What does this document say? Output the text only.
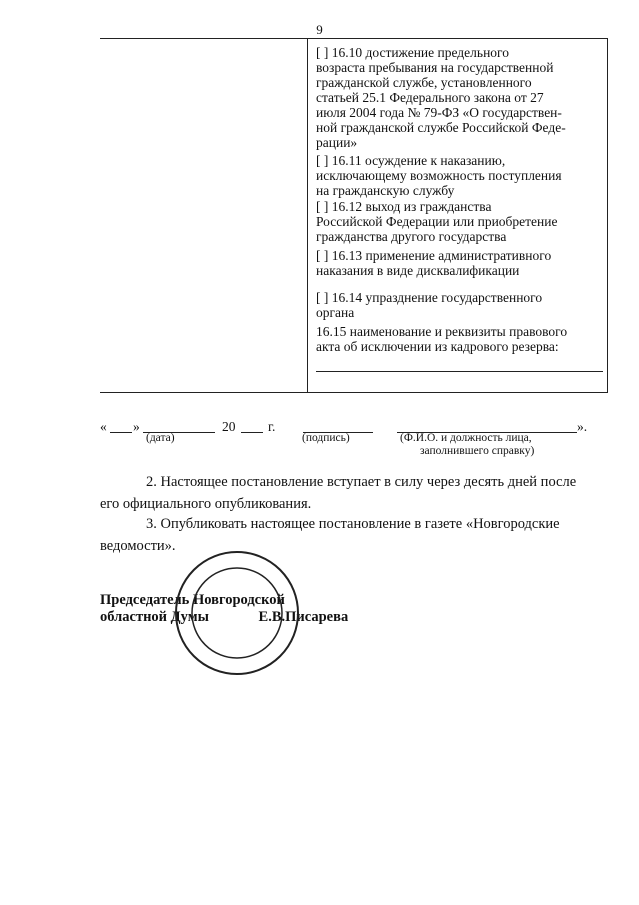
9
[ ] 16.10 достижение предельного
возраста пребывания на государственной
гражданской службе, установленного
статьей 25.1 Федерального закона от 27
июля 2004 года № 79-ФЗ «О государствен-
ной гражданской службе Российской Феде-
рации»
[ ] 16.11 осуждение к наказанию,
исключающему возможность поступления
на гражданскую службу
[ ] 16.12 выход из гражданства
Российской Федерации или приобретение
гражданства другого государства
[ ] 16.13 применение административного
наказания в виде дисквалификации
[ ] 16.14 упразднение государственного
органа
16.15 наименование и реквизиты правового
акта об исключении из кадрового резерва:
« »	20 г.	».
(дата)	(подпись)	(Ф.И.О. и должность лица,
заполнившего справку)
2. Настоящее постановление вступает в силу через десять дней после
его официального опубликования.
3. Опубликовать настоящее постановление в газете «Новгородские
ведомости».
Председатель Новгородской
областной Думы	Е.В.Писарева
